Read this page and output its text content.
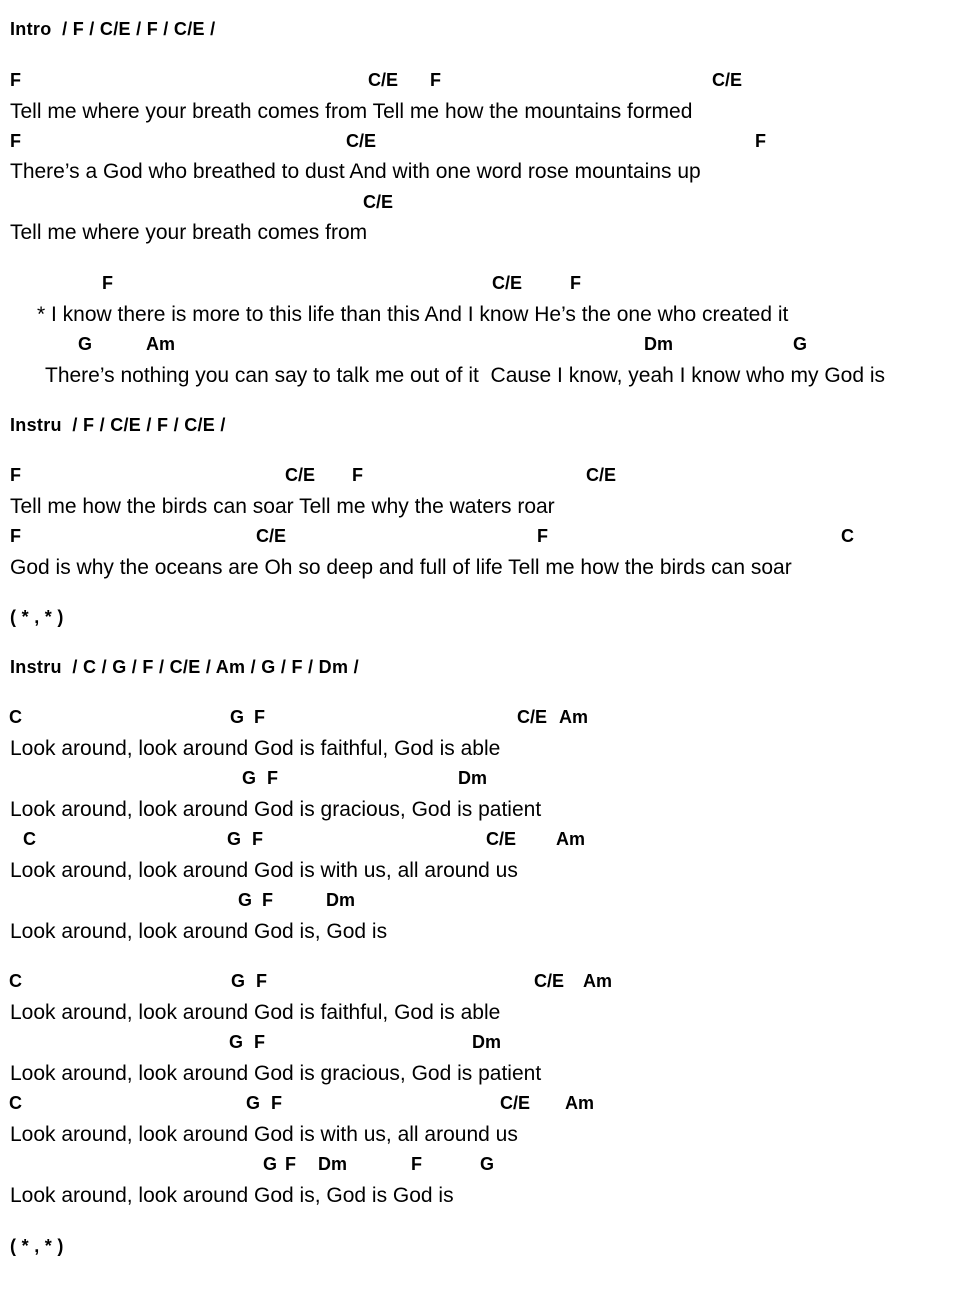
Intro  / F / C/E / F / C/E /
F	C/E F	C/E
Tell me where your breath comes from Tell me how the mountains formed
F	C/E	F
There’s a God who breathed to dust And with one word rose mountains up
C/E
Tell me where your breath comes from
F	C/E	F
* I know there is more to this life than this And I know He’s the one who created it
G	Am	Dm	G
There’s nothing you can say to talk me out of it  Cause I know, yeah I know who my God is
Instru  / F / C/E / F / C/E /
F	C/E F	C/E
Tell me how the birds can soar Tell me why the waters roar
F	C/E	F	C
God is why the oceans are Oh so deep and full of life Tell me how the birds can soar
( * , * )
Instru  / C / G / F / C/E / Am / G / F / Dm /
C	G F	C/E Am
Look around, look around God is faithful, God is able
G F	Dm
Look around, look around God is gracious, God is patient
C	G F	C/E Am
Look around, look around God is with us, all around us
G F	Dm
Look around, look around God is, God is
C	G F	C/E Am
Look around, look around God is faithful, God is able
G F	Dm
Look around, look around God is gracious, God is patient
C	G F	C/E Am
Look around, look around God is with us, all around us
G F Dm	F	G
Look around, look around God is, God is God is
( * , * )
